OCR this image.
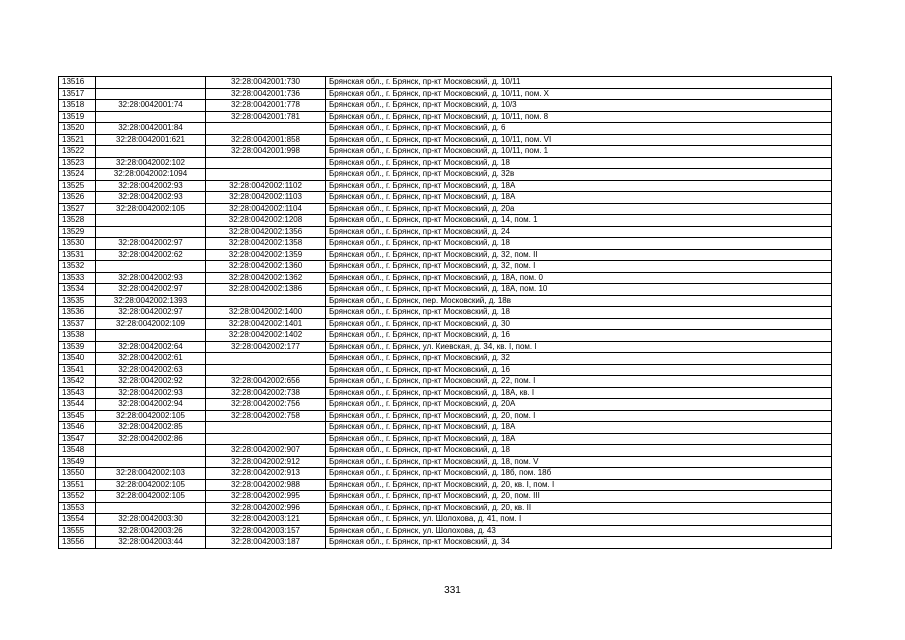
13516		32:28:0042001:730	Брянская обл., г. Брянск, пр-кт Московский, д. 10/11
13517		32:28:0042001:736	Брянская обл., г. Брянск, пр-кт Московский, д. 10/11, пом. X
13518	32:28:0042001:74	32:28:0042001:778	Брянская обл., г. Брянск, пр-кт Московский, д. 10/3
13519		32:28:0042001:781	Брянская обл., г. Брянск, пр-кт Московский, д. 10/11, пом. 8
13520	32:28:0042001:84		Брянская обл., г. Брянск, пр-кт Московский, д. 6
13521	32:28:0042001:621	32:28:0042001:858	Брянская обл., г. Брянск, пр-кт Московский, д. 10/11, пом. VI
13522		32:28:0042001:998	Брянская обл., г. Брянск, пр-кт Московский, д. 10/11, пом. 1
13523	32:28:0042002:102		Брянская обл., г. Брянск, пр-кт Московский, д. 18
13524	32:28:0042002:1094		Брянская обл., г. Брянск, пр-кт Московский, д. 32в
13525	32:28:0042002:93	32:28:0042002:1102	Брянская обл., г. Брянск, пр-кт Московский, д. 18А
13526	32:28:0042002:93	32:28:0042002:1103	Брянская обл., г. Брянск, пр-кт Московский, д. 18А
13527	32:28:0042002:105	32:28:0042002:1104	Брянская обл., г. Брянск, пр-кт Московский, д. 20а
13528		32:28:0042002:1208	Брянская обл., г. Брянск, пр-кт Московский, д. 14, пом. 1
13529		32:28:0042002:1356	Брянская обл., г. Брянск, пр-кт Московский, д. 24
13530	32:28:0042002:97	32:28:0042002:1358	Брянская обл., г. Брянск, пр-кт Московский, д. 18
13531	32:28:0042002:62	32:28:0042002:1359	Брянская обл., г. Брянск, пр-кт Московский, д. 32, пом. II
13532		32:28:0042002:1360	Брянская обл., г. Брянск, пр-кт Московский, д. 32, пом. I
13533	32:28:0042002:93	32:28:0042002:1362	Брянская обл., г. Брянск, пр-кт Московский, д. 18А, пом. 0
13534	32:28:0042002:97	32:28:0042002:1386	Брянская обл., г. Брянск, пр-кт Московский, д. 18А, пом. 10
13535	32:28:0042002:1393		Брянская обл., г. Брянск, пер. Московский, д. 18в
13536	32:28:0042002:97	32:28:0042002:1400	Брянская обл., г. Брянск, пр-кт Московский, д. 18
13537	32:28:0042002:109	32:28:0042002:1401	Брянская обл., г. Брянск, пр-кт Московский, д. 30
13538		32:28:0042002:1402	Брянская обл., г. Брянск, пр-кт Московский, д. 16
13539	32:28:0042002:64	32:28:0042002:177	Брянская обл., г. Брянск, ул. Киевская, д. 34, кв. I, пом. I
13540	32:28:0042002:61		Брянская обл., г. Брянск, пр-кт Московский, д. 32
13541	32:28:0042002:63		Брянская обл., г. Брянск, пр-кт Московский, д. 16
13542	32:28:0042002:92	32:28:0042002:656	Брянская обл., г. Брянск, пр-кт Московский, д. 22, пом. I
13543	32:28:0042002:93	32:28:0042002:738	Брянская обл., г. Брянск, пр-кт Московский, д. 18А, кв. I
13544	32:28:0042002:94	32:28:0042002:756	Брянская обл., г. Брянск, пр-кт Московский, д. 20А
13545	32:28:0042002:105	32:28:0042002:758	Брянская обл., г. Брянск, пр-кт Московский, д. 20, пом. I
13546	32:28:0042002:85		Брянская обл., г. Брянск, пр-кт Московский, д. 18А
13547	32:28:0042002:86		Брянская обл., г. Брянск, пр-кт Московский, д. 18А
13548		32:28:0042002:907	Брянская обл., г. Брянск, пр-кт Московский, д. 18
13549		32:28:0042002:912	Брянская обл., г. Брянск, пр-кт Московский, д. 18, пом. V
13550	32:28:0042002:103	32:28:0042002:913	Брянская обл., г. Брянск, пр-кт Московский, д. 18б, пом. 18б
13551	32:28:0042002:105	32:28:0042002:988	Брянская обл., г. Брянск, пр-кт Московский, д. 20, кв. I, пом. I
13552	32:28:0042002:105	32:28:0042002:995	Брянская обл., г. Брянск, пр-кт Московский, д. 20, пом. III
13553		32:28:0042002:996	Брянская обл., г. Брянск, пр-кт Московский, д. 20, кв. II
13554	32:28:0042003:30	32:28:0042003:121	Брянская обл., г. Брянск, ул. Шолохова, д. 41, пом. I
13555	32:28:0042003:26	32:28:0042003:157	Брянская обл., г. Брянск, ул. Шолохова, д. 43
13556	32:28:0042003:44	32:28:0042003:187	Брянская обл., г. Брянск, пр-кт Московский, д. 34
331
